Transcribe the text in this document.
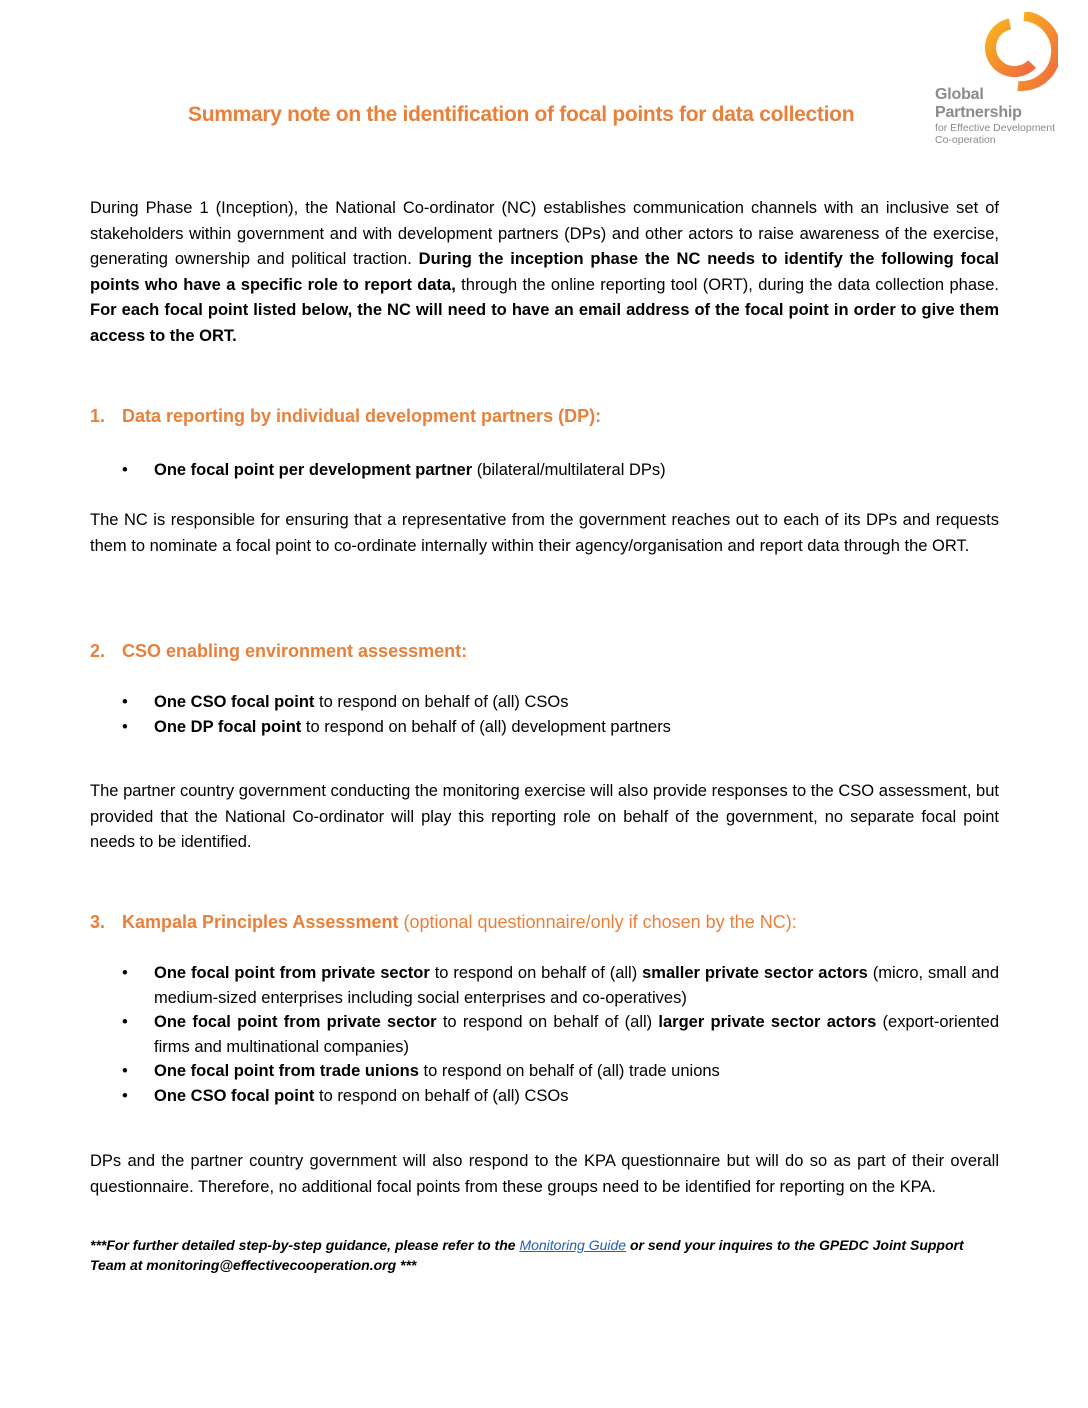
Global
Partnership
for Effective Development
Co-operation
Summary note on the identification of focal points for data collection
During Phase 1 (Inception), the National Co-ordinator (NC) establishes communication channels with an inclusive set of stakeholders within government and with development partners (DPs) and other actors to raise awareness of the exercise, generating ownership and political traction. During the inception phase the NC needs to identify the following focal points who have a specific role to report data, through the online reporting tool (ORT), during the data collection phase. For each focal point listed below, the NC will need to have an email address of the focal point in order to give them access to the ORT.
1. Data reporting by individual development partners (DP):
• One focal point per development partner (bilateral/multilateral DPs)
The NC is responsible for ensuring that a representative from the government reaches out to each of its DPs and requests them to nominate a focal point to co-ordinate internally within their agency/organisation and report data through the ORT.
2. CSO enabling environment assessment:
• One CSO focal point to respond on behalf of (all) CSOs
• One DP focal point to respond on behalf of (all) development partners
The partner country government conducting the monitoring exercise will also provide responses to the CSO assessment, but provided that the National Co-ordinator will play this reporting role on behalf of the government, no separate focal point needs to be identified.
3. Kampala Principles Assessment (optional questionnaire/only if chosen by the NC):
• One focal point from private sector to respond on behalf of (all) smaller private sector actors (micro, small and medium-sized enterprises including social enterprises and co-operatives)
• One focal point from private sector to respond on behalf of (all) larger private sector actors (export-oriented firms and multinational companies)
• One focal point from trade unions to respond on behalf of (all) trade unions
• One CSO focal point to respond on behalf of (all) CSOs
DPs and the partner country government will also respond to the KPA questionnaire but will do so as part of their overall questionnaire. Therefore, no additional focal points from these groups need to be identified for reporting on the KPA.
***For further detailed step-by-step guidance, please refer to the Monitoring Guide or send your inquires to the GPEDC Joint Support Team at monitoring@effectivecooperation.org ***
